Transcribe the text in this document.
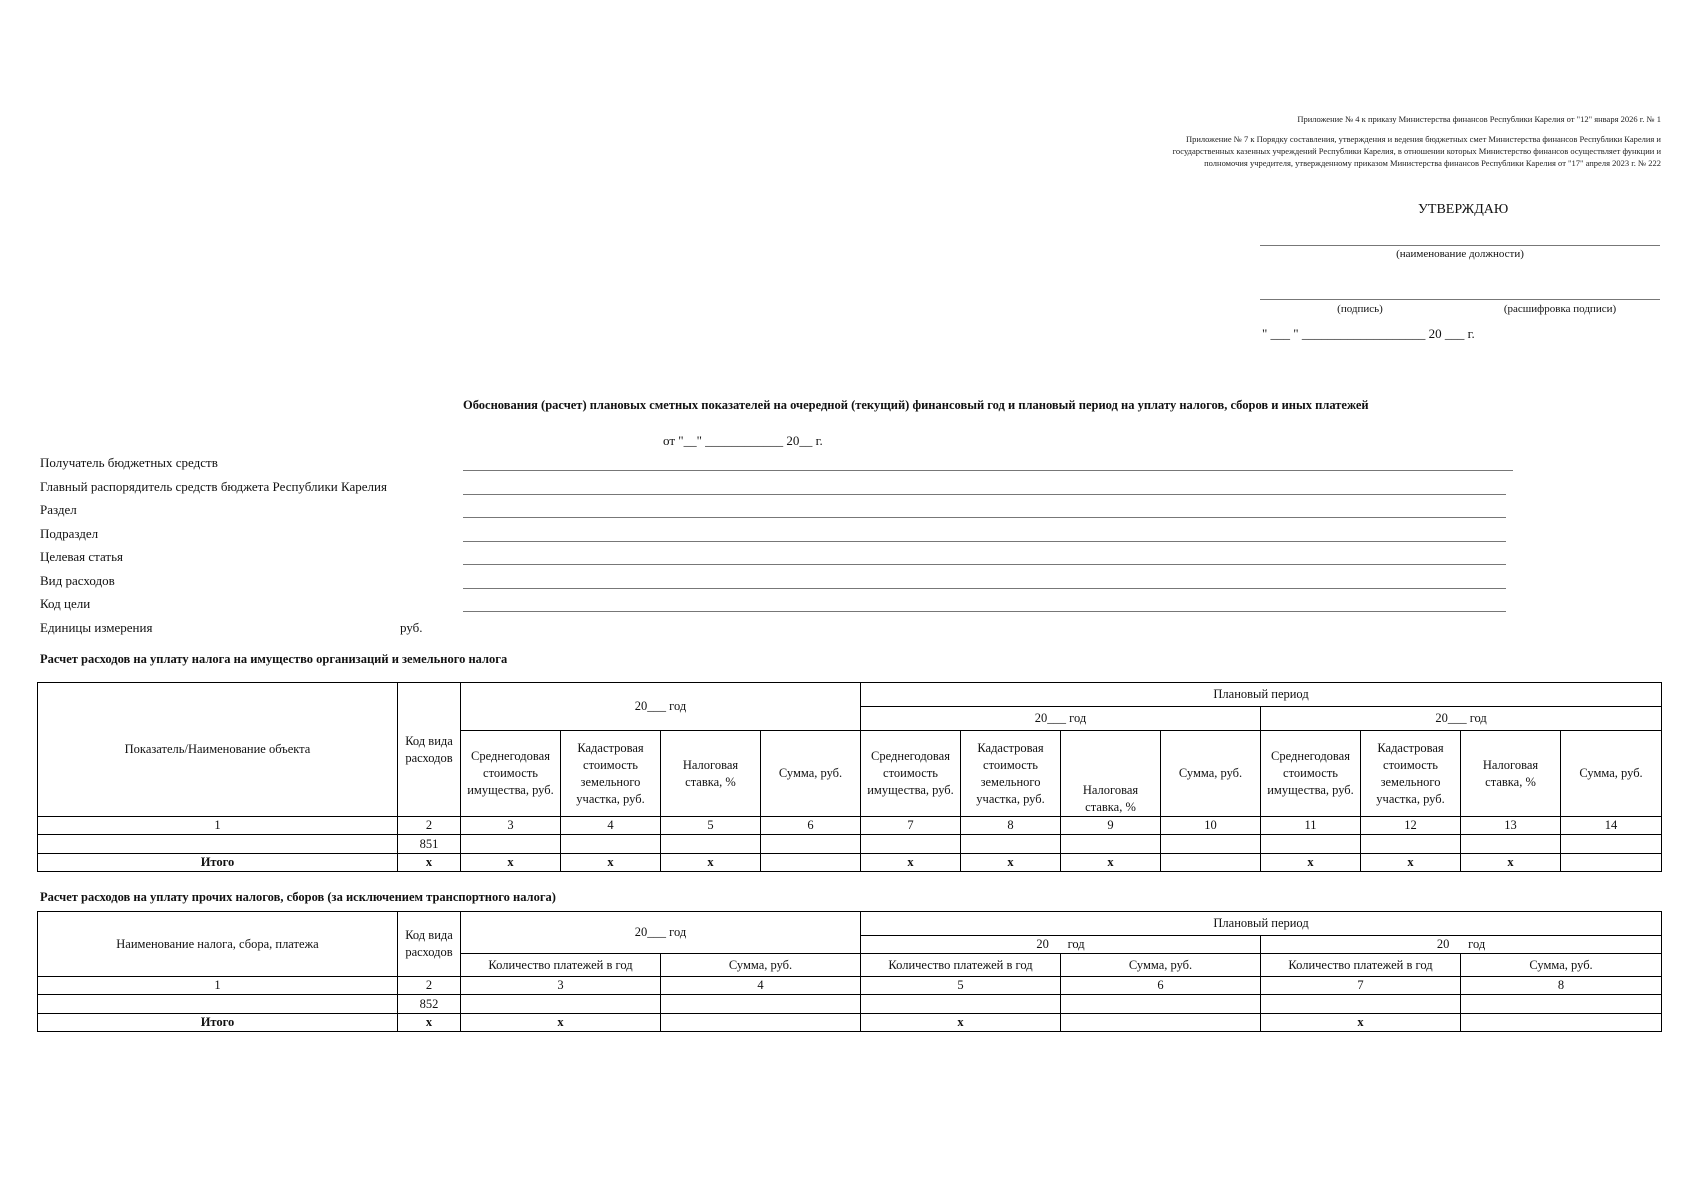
Приложение № 4 к приказу Министерства финансов Республики Карелия от "12" января 2026 г. № 1
Приложение № 7 к Порядку составления, утверждения и ведения бюджетных смет Министерства финансов Республики Карелия и
государственных казенных учреждений Республики Карелия, в отношении которых Министерство финансов осуществляет функции и
полномочия учредителя, утвержденному приказом Министерства финансов Республики Карелия от "17" апреля 2023 г. № 222
УТВЕРЖДАЮ
(наименование должности)
(подпись)	(расшифровка подписи)
" ___ " ___________________ 20 ___ г.
Обоснования (расчет) плановых сметных показателей на очередной (текущий) финансовый год и плановый период на уплату налогов, сборов и иных платежей
от "__" ____________ 20__ г.
Получатель бюджетных средств
Главный распорядитель средств бюджета Республики Карелия
Раздел
Подраздел
Целевая статья
Вид расходов
Код цели
Единицы измерения	руб.
Расчет расходов на уплату налога на имущество организаций и земельного налога
Показатель/Наименование объекта	Код вида расходов	20___ год				Плановый период							
						20___ год				20___ год			
		Среднегодовая стоимость имущества, руб.	Кадастровая стоимость земельного участка, руб.	Налоговая ставка, %	Сумма, руб.	Среднегодовая стоимость имущества, руб.	Кадастровая стоимость земельного участка, руб.	Налоговая ставка, %	Сумма, руб.	Среднегодовая стоимость имущества, руб.	Кадастровая стоимость земельного участка, руб.	Налоговая ставка, %	Сумма, руб.
1	2	3	4	5	6	7	8	9	10	11	12	13	14
	851												
Итого	x	x	x	x		x	x	x		x	x	x	
Расчет расходов на уплату прочих налогов, сборов (за исключением транспортного налога)
Наименование налога, сбора, платежа	Код вида расходов	20___ год		Плановый период			
				20      год		20      год	
		Количество платежей в год	Сумма, руб.	Количество платежей в год	Сумма, руб.	Количество платежей в год	Сумма, руб.
1	2	3	4	5	6	7	8
	852						
Итого	x	x		x		x	
